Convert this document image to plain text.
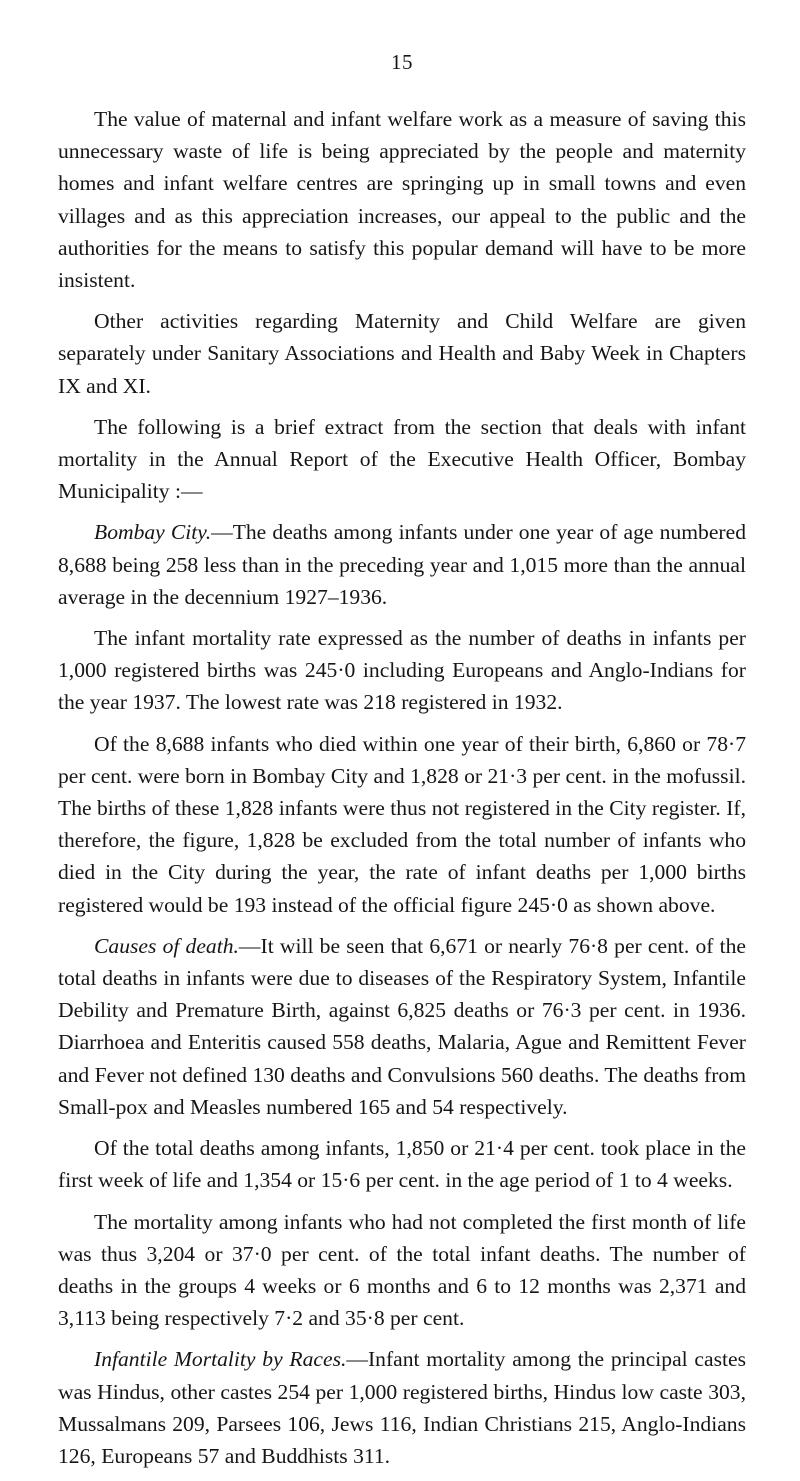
15

The value of maternal and infant welfare work as a measure of saving this unnecessary waste of life is being appreciated by the people and maternity homes and infant welfare centres are springing up in small towns and even villages and as this appreciation increases, our appeal to the public and the authorities for the means to satisfy this popular demand will have to be more insistent.

Other activities regarding Maternity and Child Welfare are given separately under Sanitary Associations and Health and Baby Week in Chapters IX and XI.

The following is a brief extract from the section that deals with infant mortality in the Annual Report of the Executive Health Officer, Bombay Municipality :—

Bombay City.—The deaths among infants under one year of age numbered 8,688 being 258 less than in the preceding year and 1,015 more than the annual average in the decennium 1927–1936.

The infant mortality rate expressed as the number of deaths in infants per 1,000 registered births was 245·0 including Europeans and Anglo-Indians for the year 1937. The lowest rate was 218 registered in 1932.

Of the 8,688 infants who died within one year of their birth, 6,860 or 78·7 per cent. were born in Bombay City and 1,828 or 21·3 per cent. in the mofussil. The births of these 1,828 infants were thus not registered in the City register. If, therefore, the figure, 1,828 be excluded from the total number of infants who died in the City during the year, the rate of infant deaths per 1,000 births registered would be 193 instead of the official figure 245·0 as shown above.

Causes of death.—It will be seen that 6,671 or nearly 76·8 per cent. of the total deaths in infants were due to diseases of the Respiratory System, Infantile Debility and Premature Birth, against 6,825 deaths or 76·3 per cent. in 1936. Diarrhoea and Enteritis caused 558 deaths, Malaria, Ague and Remittent Fever and Fever not defined 130 deaths and Convulsions 560 deaths. The deaths from Small-pox and Measles numbered 165 and 54 respectively.

Of the total deaths among infants, 1,850 or 21·4 per cent. took place in the first week of life and 1,354 or 15·6 per cent. in the age period of 1 to 4 weeks.

The mortality among infants who had not completed the first month of life was thus 3,204 or 37·0 per cent. of the total infant deaths. The number of deaths in the groups 4 weeks or 6 months and 6 to 12 months was 2,371 and 3,113 being respectively 7·2 and 35·8 per cent.

Infantile Mortality by Races.—Infant mortality among the principal castes was Hindus, other castes 254 per 1,000 registered births, Hindus low caste 303, Mussalmans 209, Parsees 106, Jews 116, Indian Christians 215, Anglo-Indians 126, Europeans 57 and Buddhists 311.
